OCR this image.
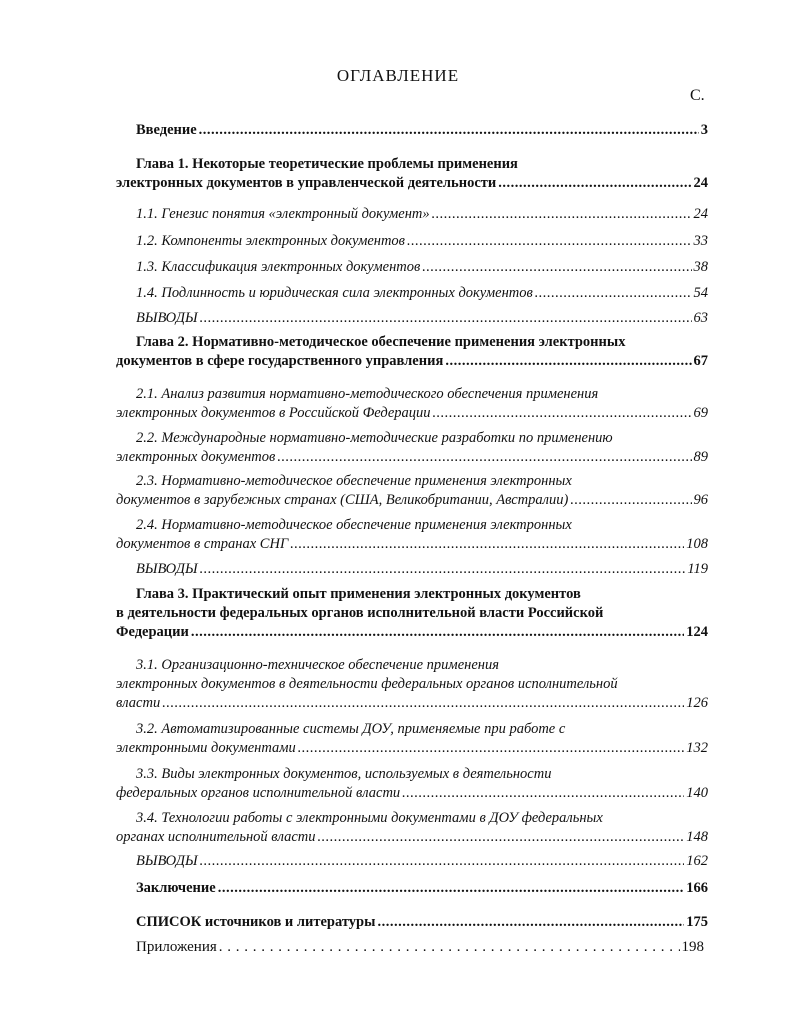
ОГЛАВЛЕНИЕ
С.
Введение .....	3
Глава 1. Некоторые теоретические проблемы применения
электронных документов в управленческой деятельности .....	24
1.1. Генезис понятия «электронный документ» .....	24
1.2. Компоненты электронных документов .....	33
1.3. Классификация электронных документов .....	38
1.4. Подлинность и юридическая сила электронных документов .....	54
ВЫВОДЫ .....	63
Глава 2. Нормативно-методическое обеспечение применения электронных
документов в сфере государственного управления .....	67
2.1. Анализ развития нормативно-методического обеспечения применения
электронных документов в Российской Федерации .....	69
2.2. Международные нормативно-методические разработки по применению
электронных документов .....	89
2.3. Нормативно-методическое обеспечение применения электронных
документов в зарубежных странах (США, Великобритании, Австралии) .....	96
2.4. Нормативно-методическое обеспечение применения электронных
документов в странах СНГ .....	108
ВЫВОДЫ .....	119
Глава 3. Практический опыт применения электронных документов
в деятельности федеральных органов исполнительной власти Российской
Федерации .....	124
3.1. Организационно-техническое обеспечение применения
электронных документов в деятельности федеральных органов исполнительной
власти .....	126
3.2. Автоматизированные системы ДОУ, применяемые при работе с
электронными документами .....	132
3.3. Виды электронных документов, используемых в деятельности
федеральных органов исполнительной власти .....	140
3.4. Технологии работы с электронными документами в ДОУ федеральных
органах исполнительной власти .....	148
ВЫВОДЫ .....	162
Заключение .....	166
СПИСОК источников и литературы .....	175
Приложения . . .	198
